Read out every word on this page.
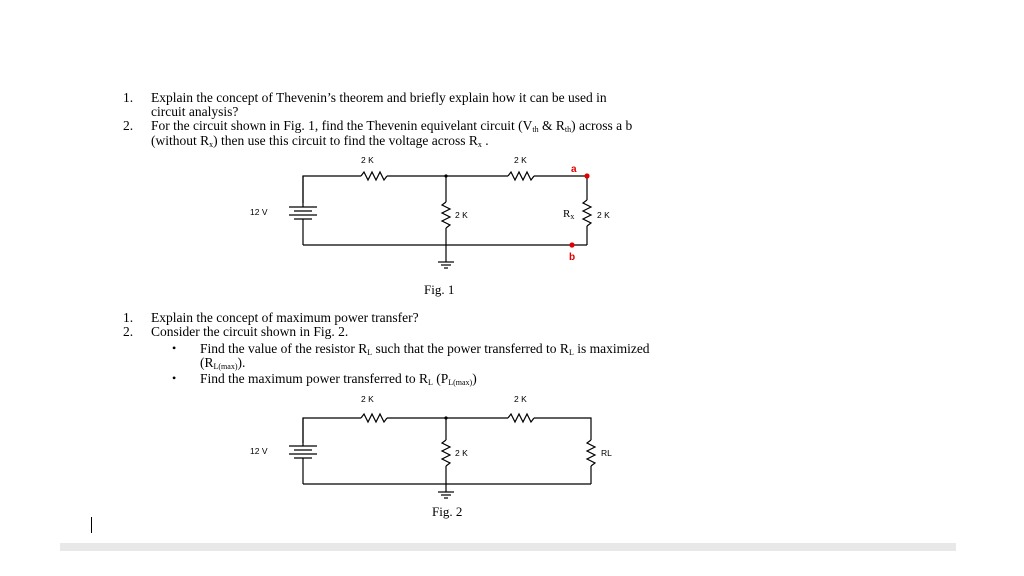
1. Explain the concept of Thevenin’s theorem and briefly explain how it can be used in
circuit analysis?
2. For the circuit shown in Fig. 1, find the Thevenin equivelant circuit ($V_{th}$ & $R_{th}$) across a b
(without $R_x$) then use this circuit to find the voltage across $R_x$ .
2 K	2 K
12 V	2 K	Rx	2 K
a
b
Fig. 1
1. Explain the concept of maximum power transfer?
2. Consider the circuit shown in Fig. 2.
• Find the value of the resistor $R_L$ such that the power transferred to $R_L$ is maximized
$(R_{L(max)})$.
• Find the maximum power transferred to $R_L$ $(P_{L(max)})$
2 K	2 K
12 V	2 K	RL
Fig. 2
